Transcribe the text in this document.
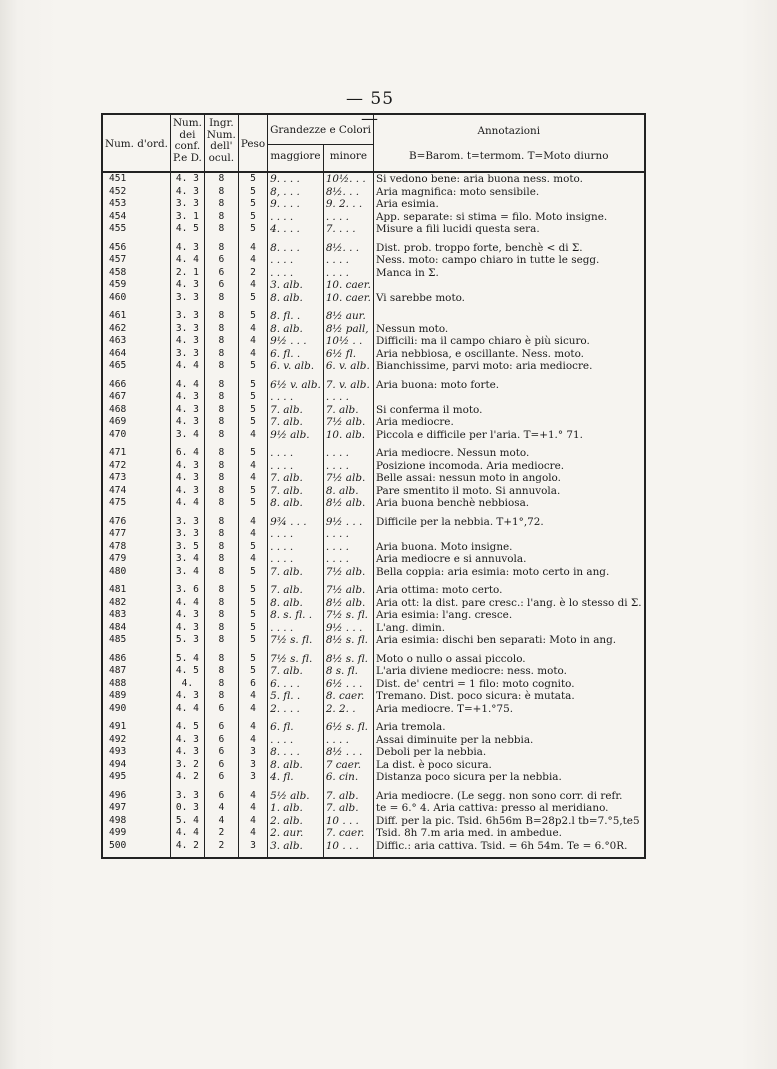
— 55 —
Num. d'ord.	Num. dei conf. P.e D.	Ingr. Num. dell' ocul.	Peso	Grandezze e Colori		Annotazioni
				maggiore	minore	B=Barom. t=termom. T=Moto diurno
451	4. 3	8	5	9. . . .	10½. . .	Si vedono bene: aria buona ness. moto.
452	4. 3	8	5	8, . . .	8½. . .	Aria magnifica: moto sensibile.
453	3. 3	8	5	9. . . .	9. 2. . .	Aria esimia.
454	3. 1	8	5	. . . .	. . . .	App. separate: si stima = filo. Moto insigne.
455	4. 5	8	5	4. . . .	7. . . .	Misure a fili lucidi questa sera.

456	4. 3	8	4	8. . . .	8½. . .	Dist. prob. troppo forte, benchè < di Σ.
457	4. 4	6	4	. . . .	. . . .	Ness. moto: campo chiaro in tutte le segg.
458	2. 1	6	2	. . . .	. . . .	Manca in Σ.
459	4. 3	6	4	3. alb.	10. caer.	
460	3. 3	8	5	8. alb.	10. caer.	Vi sarebbe moto.

461	3. 3	8	5	8. fl. .	8½ aur.	
462	3. 3	8	4	8. alb.	8½ pall,	Nessun moto.
463	4. 3	8	4	9½ . . .	10½ . .	Difficili: ma il campo chiaro è più sicuro.
464	3. 3	8	4	6. fl. .	6½ fl.	Aria nebbiosa, e oscillante. Ness. moto.
465	4. 4	8	5	6. v. alb.	6. v. alb.	Bianchissime, parvi moto: aria mediocre.

466	4. 4	8	5	6½ v. alb.	7. v. alb.	Aria buona: moto forte.
467	4. 3	8	5	. . . .	. . . .	
468	4. 3	8	5	7. alb.	7. alb.	Si conferma il moto.
469	4. 3	8	5	7. alb.	7½ alb.	Aria mediocre.
470	3. 4	8	4	9½ alb.	10. alb.	Piccola e difficile per l'aria. T=+1.° 71.

471	6. 4	8	5	. . . .	. . . .	Aria mediocre. Nessun moto.
472	4. 3	8	4	. . . .	. . . .	Posizione incomoda. Aria mediocre.
473	4. 3	8	4	7. alb.	7½ alb.	Belle assai: nessun moto in angolo.
474	4. 3	8	5	7. alb.	8. alb.	Pare smentito il moto. Si annuvola.
475	4. 4	8	5	8. alb.	8½ alb.	Aria buona benchè nebbiosa.

476	3. 3	8	4	9¾ . . .	9½ . . .	Difficile per la nebbia. T+1°,72.
477	3. 3	8	4	. . . .	. . . .	
478	3. 5	8	5	. . . .	. . . .	Aria buona. Moto insigne.
479	3. 4	8	4	. . . .	. . . .	Aria mediocre e si annuvola.
480	3. 4	8	5	7. alb.	7½ alb.	Bella coppia: aria esimia: moto certo in ang.

481	3. 6	8	5	7. alb.	7½ alb.	Aria ottima: moto certo.
482	4. 4	8	5	8. alb.	8½ alb.	Aria ott: la dist. pare cresc.: l'ang. è lo stesso di Σ.
483	4. 3	8	5	8. s. fl. .	7½ s. fl.	Aria esimia: l'ang. cresce.
484	4. 3	8	5	. . . .	9½ . . .	L'ang. dimin.
485	5. 3	8	5	7½ s. fl.	8½ s. fl.	Aria esimia: dischi ben separati: Moto in ang.

486	5. 4	8	5	7½ s. fl.	8½ s. fl.	Moto o nullo o assai piccolo.
487	4. 5	8	5	7. alb.	8 s. fl.	L'aria diviene mediocre: ness. moto.
488	4.	8	6	6. . . .	6½ . . .	Dist. de' centri = 1 filo: moto cognito.
489	4. 3	8	4	5. fl. .	8. caer.	Tremano. Dist. poco sicura: è mutata.
490	4. 4	6	4	2. . . .	2. 2. .	Aria mediocre. T=+1.°75.

491	4. 5	6	4	6. fl.	6½ s. fl.	Aria tremola.
492	4. 3	6	4	. . . .	. . . .	Assai diminuite per la nebbia.
493	4. 3	6	3	8. . . .	8½ . . .	Deboli per la nebbia.
494	3. 2	6	3	8. alb.	7 caer.	La dist. è poco sicura.
495	4. 2	6	3	4. fl.	6. cin.	Distanza poco sicura per la nebbia.

496	3. 3	6	4	5½ alb.	7. alb.	Aria mediocre. (Le segg. non sono corr. di refr.
497	0. 3	4	4	1. alb.	7. alb.	te = 6.° 4. Aria cattiva: presso al meridiano.
498	5. 4	4	4	2. alb.	10 . . .	Diff. per la pic. Tsid. 6h56m B=28p2.l tb=7.°5,te5
499	4. 4	2	4	2. aur.	7. caer.	Tsid. 8h 7.m aria med. in ambedue.
500	4. 2	2	3	3. alb.	10 . . .	Diffic.: aria cattiva. Tsid. = 6h 54m. Te = 6.°0R.
